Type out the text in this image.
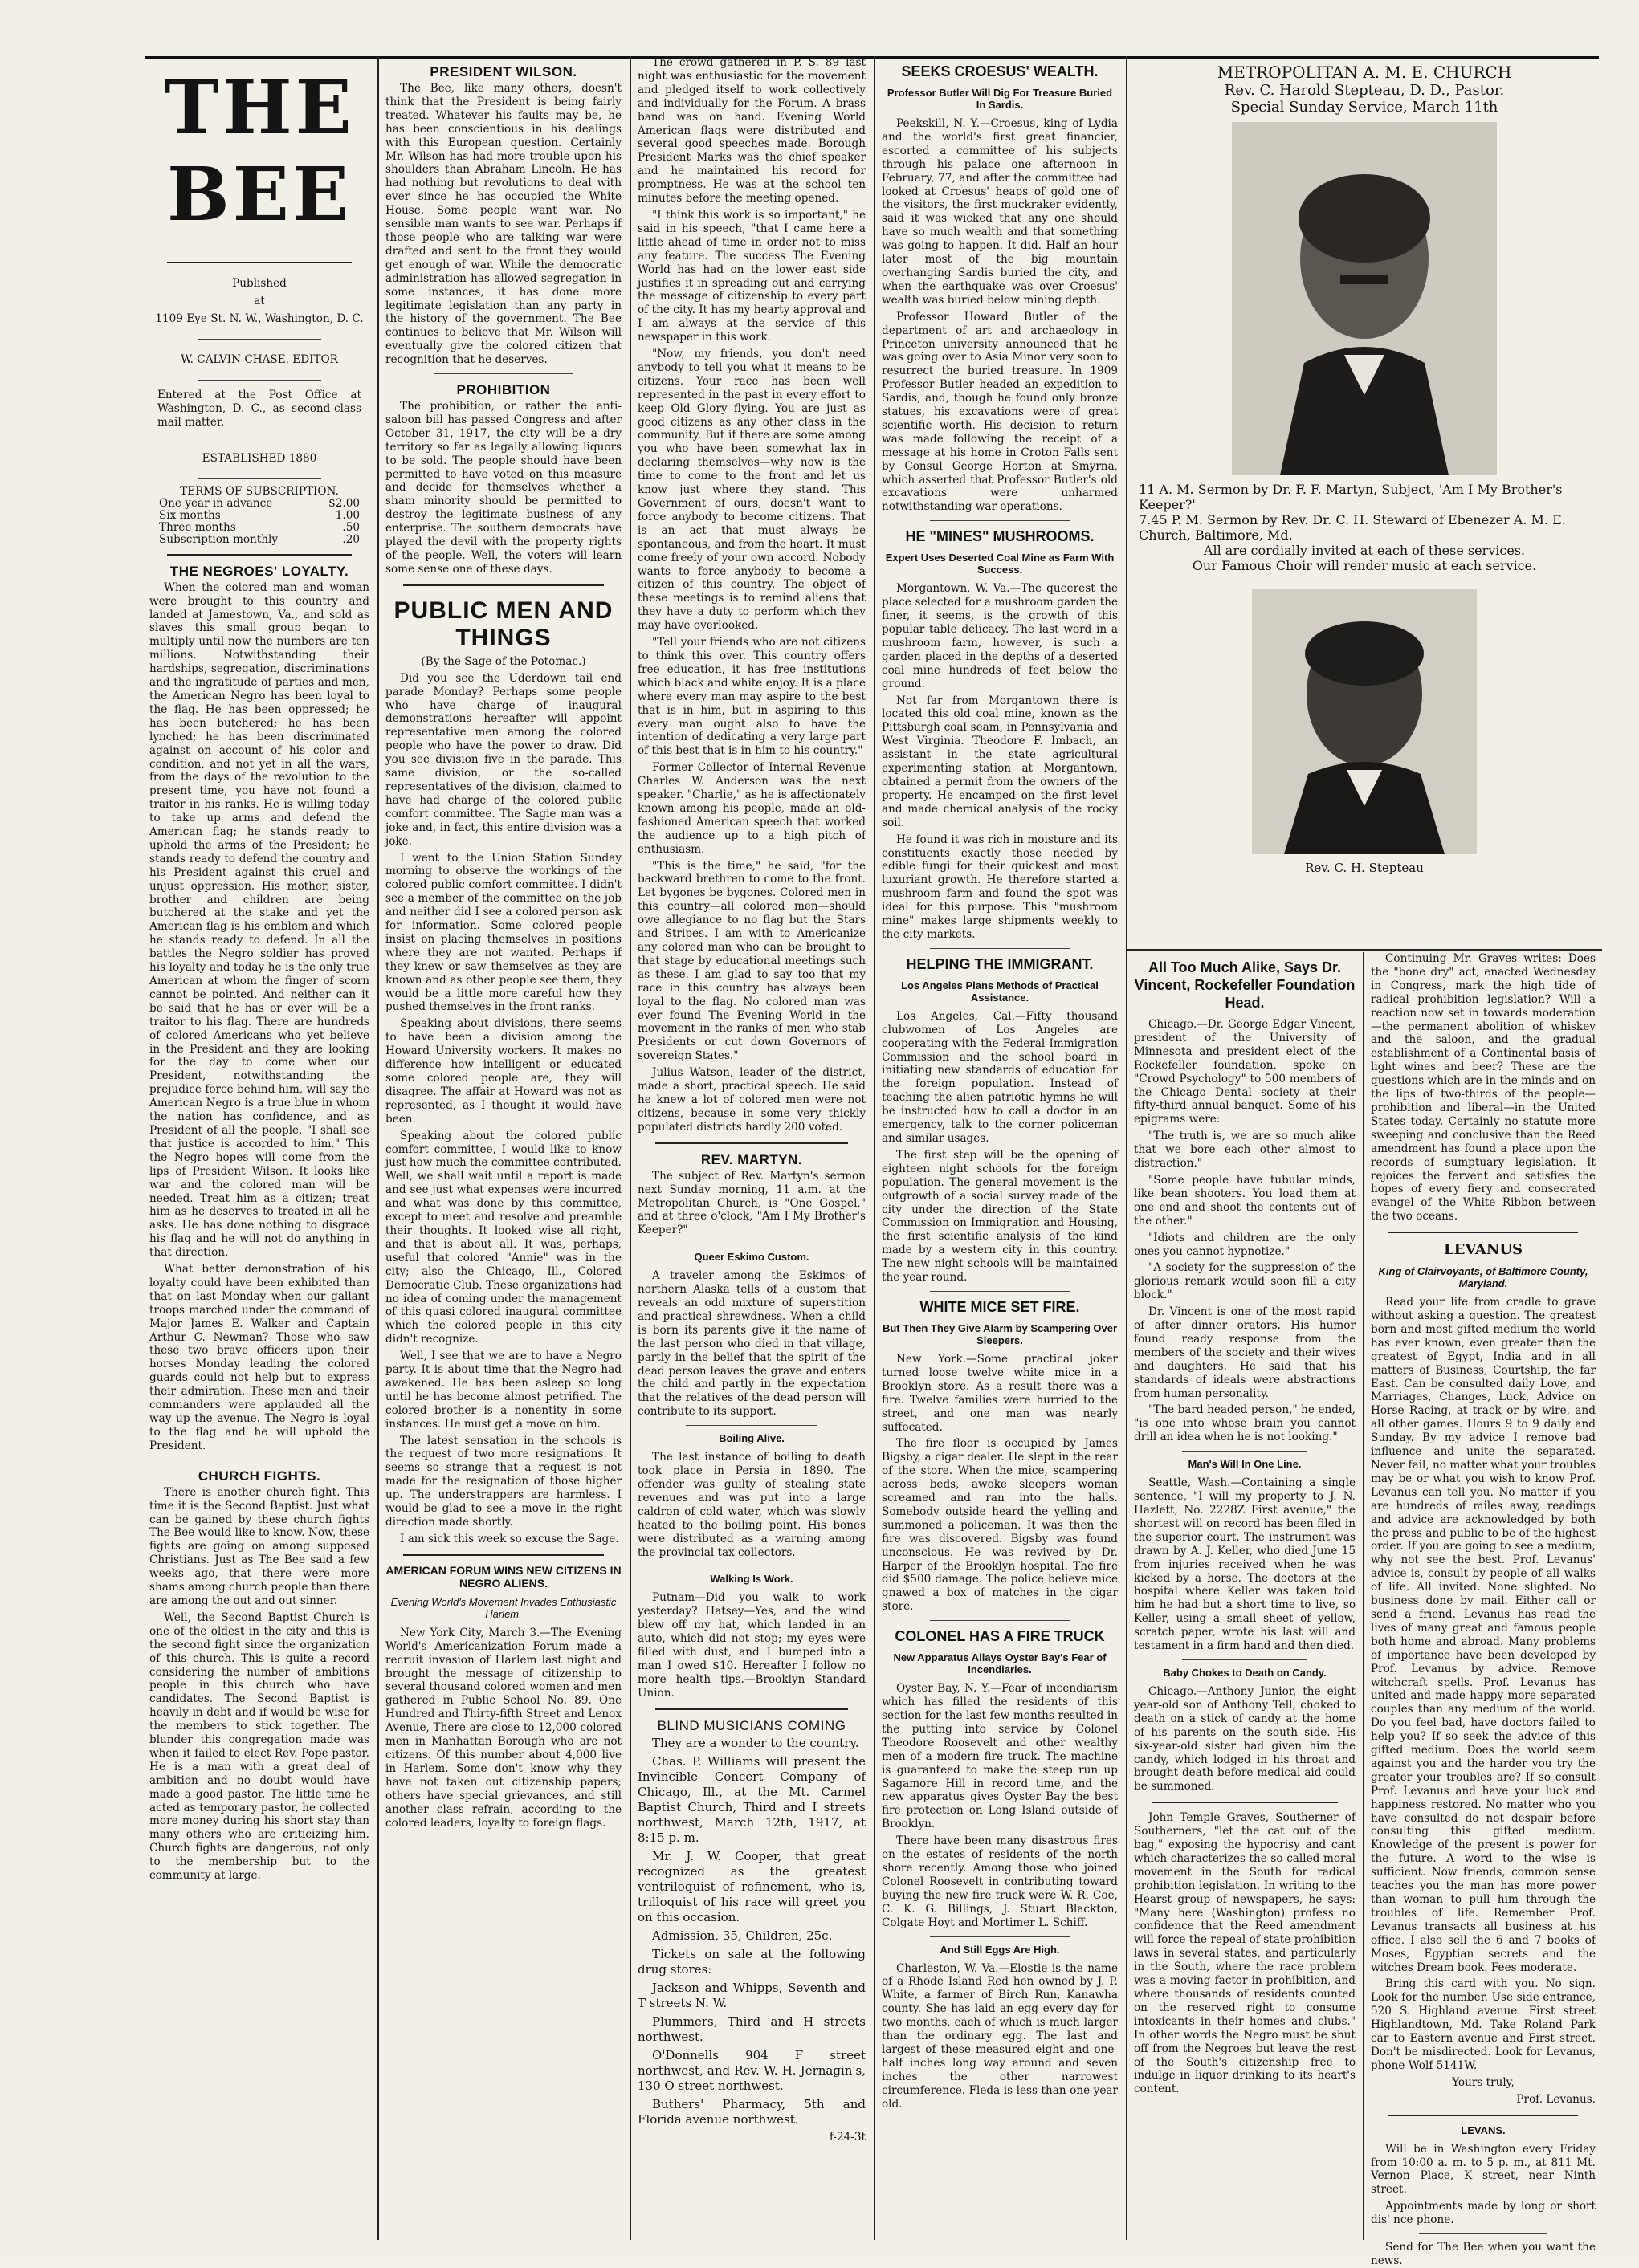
THE BEE
Published
at
1109 Eye St. N. W., Washington, D. C.
W. CALVIN CHASE, EDITOR

Entered at the Post Office at Washington, D. C., as second-class mail matter.

ESTABLISHED 1880
TERMS OF SUBSCRIPTION.
One year in advance	$2.00
Six months	1.00
Three months	.50
Subscription monthly	.20
THE NEGROES' LOYALTY.

When the colored man and woman were brought to this country and landed at Jamestown, Va., and sold as slaves this small group began to multiply until now the numbers are ten millions. Notwithstanding their hardships, segregation, discriminations and the ingratitude of parties and men, the American Negro has been loyal to the flag. He has been oppressed; he has been butchered; he has been lynched; he has been discriminated against on account of his color and condition, and not yet in all the wars, from the days of the revolution to the present time, you have not found a traitor in his ranks. He is willing today to take up arms and defend the American flag; he stands ready to uphold the arms of the President; he stands ready to defend the country and his President against this cruel and unjust oppression. His mother, sister, brother and children are being butchered at the stake and yet the American flag is his emblem and which he stands ready to defend. In all the battles the Negro soldier has proved his loyalty and today he is the only true American at whom the finger of scorn cannot be pointed. And neither can it be said that he has or ever will be a traitor to his flag. There are hundreds of colored Americans who yet believe in the President and they are looking for the day to come when our President, notwithstanding the prejudice force behind him, will say the American Negro is a true blue in whom the nation has confidence, and as President of all the people, "I shall see that justice is accorded to him." This the Negro hopes will come from the lips of President Wilson. It looks like war and the colored man will be needed. Treat him as a citizen; treat him as he deserves to treated in all he asks. He has done nothing to disgrace his flag and he will not do anything in that direction.

What better demonstration of his loyalty could have been exhibited than that on last Monday when our gallant troops marched under the command of Major James E. Walker and Captain Arthur C. Newman? Those who saw these two brave officers upon their horses Monday leading the colored guards could not help but to express their admiration. These men and their commanders were applauded all the way up the avenue. The Negro is loyal to the flag and he will uphold the President.

CHURCH FIGHTS.

There is another church fight. This time it is the Second Baptist. Just what can be gained by these church fights The Bee would like to know. Now, these fights are going on among supposed Christians. Just as The Bee said a few weeks ago, that there were more shams among church people than there are among the out and out sinner.

Well, the Second Baptist Church is one of the oldest in the city and this is the second fight since the organization of this church. This is quite a record considering the number of ambitions people in this church who have candidates. The Second Baptist is heavily in debt and if would be wise for the members to stick together. The blunder this congregation made was when it failed to elect Rev. Pope pastor. He is a man with a great deal of ambition and no doubt would have made a good pastor. The little time he acted as temporary pastor, he collected more money during his short stay than many others who are criticizing him. Church fights are dangerous, not only to the membership but to the community at large.

PRESIDENT WILSON.

The Bee, like many others, doesn't think that the President is being fairly treated. Whatever his faults may be, he has been conscientious in his dealings with this European question. Certainly Mr. Wilson has had more trouble upon his shoulders than Abraham Lincoln. He has had nothing but revolutions to deal with ever since he has occupied the White House. Some people want war. No sensible man wants to see war. Perhaps if those people who are talking war were drafted and sent to the front they would get enough of war. While the democratic administration has allowed segregation in some instances, it has done more legitimate legislation than any party in the history of the government. The Bee continues to believe that Mr. Wilson will eventually give the colored citizen that recognition that he deserves.

PROHIBITION

The prohibition, or rather the anti-saloon bill has passed Congress and after October 31, 1917, the city will be a dry territory so far as legally allowing liquors to be sold. The people should have been permitted to have voted on this measure and decide for themselves whether a sham minority should be permitted to destroy the legitimate business of any enterprise. The southern democrats have played the devil with the property rights of the people. Well, the voters will learn some sense one of these days.

PUBLIC MEN AND THINGS

(By the Sage of the Potomac.)

Did you see the Uderdown tail end parade Monday? Perhaps some people who have charge of inaugural demonstrations hereafter will appoint representative men among the colored people who have the power to draw. Did you see division five in the parade. This same division, or the so-called representatives of the division, claimed to have had charge of the colored public comfort committee. The Sagie man was a joke and, in fact, this entire division was a joke.

I went to the Union Station Sunday morning to observe the workings of the colored public comfort committee. I didn't see a member of the committee on the job and neither did I see a colored person ask for information. Some colored people insist on placing themselves in positions where they are not wanted. Perhaps if they knew or saw themselves as they are known and as other people see them, they would be a little more careful how they pushed themselves in the front ranks.

Speaking about divisions, there seems to have been a division among the Howard University workers. It makes no difference how intelligent or educated some colored people are, they will disagree. The affair at Howard was not as represented, as I thought it would have been.

Speaking about the colored public comfort committee, I would like to know just how much the committee contributed. Well, we shall wait until a report is made and see just what expenses were incurred and what was done by this committee, except to meet and resolve and preamble their thoughts. It looked wise all right, and that is about all. It was, perhaps, useful that colored "Annie" was in the city; also the Chicago, Ill., Colored Democratic Club. These organizations had no idea of coming under the management of this quasi colored inaugural committee which the colored people in this city didn't recognize.

Well, I see that we are to have a Negro party. It is about time that the Negro had awakened. He has been asleep so long until he has become almost petrified. The colored brother is a nonentity in some instances. He must get a move on him.

The latest sensation in the schools is the request of two more resignations. It seems so strange that a request is not made for the resignation of those higher up. The understrappers are harmless. I would be glad to see a move in the right direction made shortly.

I am sick this week so excuse the Sage.

AMERICAN FORUM WINS NEW CITIZENS IN NEGRO ALIENS.
Evening World's Movement Invades Enthusiastic Harlem.

New York City, March 3.—The Evening World's Americanization Forum made a recruit invasion of Harlem last night and brought the message of citizenship to several thousand colored women and men gathered in Public School No. 89. One Hundred and Thirty-fifth Street and Lenox Avenue, There are close to 12,000 colored men in Manhattan Borough who are not citizens. Of this number about 4,000 live in Harlem. Some don't know why they have not taken out citizenship papers; others have special grievances, and still another class refrain, according to the colored leaders, loyalty to foreign flags.

The crowd gathered in P. S. 89 last night was enthusiastic for the movement and pledged itself to work collectively and individually for the Forum. A brass band was on hand. Evening World American flags were distributed and several good speeches made. Borough President Marks was the chief speaker and he maintained his record for promptness. He was at the school ten minutes before the meeting opened.

"I think this work is so important," he said in his speech, "that I came here a little ahead of time in order not to miss any feature. The success The Evening World has had on the lower east side justifies it in spreading out and carrying the message of citizenship to every part of the city. It has my hearty approval and I am always at the service of this newspaper in this work.

"Now, my friends, you don't need anybody to tell you what it means to be citizens. Your race has been well represented in the past in every effort to keep Old Glory flying. You are just as good citizens as any other class in the community. But if there are some among you who have been somewhat lax in declaring themselves—why now is the time to come to the front and let us know just where they stand. This Government of ours, doesn't want to force anybody to become citizens. That is an act that must always be spontaneous, and from the heart. It must come freely of your own accord. Nobody wants to force anybody to become a citizen of this country. The object of these meetings is to remind aliens that they have a duty to perform which they may have overlooked.

"Tell your friends who are not citizens to think this over. This country offers free education, it has free institutions which black and white enjoy. It is a place where every man may aspire to the best that is in him, but in aspiring to this every man ought also to have the intention of dedicating a very large part of this best that is in him to his country."

Former Collector of Internal Revenue Charles W. Anderson was the next speaker. "Charlie," as he is affectionately known among his people, made an old-fashioned American speech that worked the audience up to a high pitch of enthusiasm.

"This is the time," he said, "for the backward brethren to come to the front. Let bygones be bygones. Colored men in this country—all colored men—should owe allegiance to no flag but the Stars and Stripes. I am with to Americanize any colored man who can be brought to that stage by educational meetings such as these. I am glad to say too that my race in this country has always been loyal to the flag. No colored man was ever found The Evening World in the movement in the ranks of men who stab Presidents or cut down Governors of sovereign States."

Julius Watson, leader of the district, made a short, practical speech. He said he knew a lot of colored men were not citizens, because in some very thickly populated districts hardly 200 voted.

REV. MARTYN.

The subject of Rev. Martyn's sermon next Sunday morning, 11 a.m. at the Metropolitan Church, is "One Gospel," and at three o'clock, "Am I My Brother's Keeper?"

Queer Eskimo Custom.

A traveler among the Eskimos of northern Alaska tells of a custom that reveals an odd mixture of superstition and practical shrewdness. When a child is born its parents give it the name of the last person who died in that village, partly in the belief that the spirit of the dead person leaves the grave and enters the child and partly in the expectation that the relatives of the dead person will contribute to its support.

Boiling Alive.

The last instance of boiling to death took place in Persia in 1890. The offender was guilty of stealing state revenues and was put into a large caldron of cold water, which was slowly heated to the boiling point. His bones were distributed as a warning among the provincial tax collectors.

Walking Is Work.

Putnam—Did you walk to work yesterday? Hatsey—Yes, and the wind blew off my hat, which landed in an auto, which did not stop; my eyes were filled with dust, and I bumped into a man I owed $10. Hereafter I follow no more health tips.—Brooklyn Standard Union.

BLIND MUSICIANS COMING

They are a wonder to the country.

Chas. P. Williams will present the Invincible Concert Company of Chicago, Ill., at the Mt. Carmel Baptist Church, Third and I streets northwest, March 12th, 1917, at 8:15 p. m.

Mr. J. W. Cooper, that great recognized as the greatest ventriloquist of refinement, who is, trilloquist of his race will greet you on this occasion.

Admission, 35, Children, 25c.

Tickets on sale at the following drug stores:

Jackson and Whipps, Seventh and T streets N. W.

Plummers, Third and H streets northwest.

O'Donnells 904 F street northwest, and Rev. W. H. Jernagin's, 130 O street northwest.

Buthers' Pharmacy, 5th and Florida avenue northwest.

f-24-3t

SEEKS CROESUS' WEALTH.
Professor Butler Will Dig For Treasure Buried In Sardis.

Peekskill, N. Y.—Croesus, king of Lydia and the world's first great financier, escorted a committee of his subjects through his palace one afternoon in February, 77, and after the committee had looked at Croesus' heaps of gold one of the visitors, the first muckraker evidently, said it was wicked that any one should have so much wealth and that something was going to happen. It did. Half an hour later most of the big mountain overhanging Sardis buried the city, and when the earthquake was over Croesus' wealth was buried below mining depth.

Professor Howard Butler of the department of art and archaeology in Princeton university announced that he was going over to Asia Minor very soon to resurrect the buried treasure. In 1909 Professor Butler headed an expedition to Sardis, and, though he found only bronze statues, his excavations were of great scientific worth. His decision to return was made following the receipt of a message at his home in Croton Falls sent by Consul George Horton at Smyrna, which asserted that Professor Butler's old excavations were unharmed notwithstanding war operations.

HE "MINES" MUSHROOMS.
Expert Uses Deserted Coal Mine as Farm With Success.

Morgantown, W. Va.—The queerest the place selected for a mushroom garden the finer, it seems, is the growth of this popular table delicacy. The last word in a mushroom farm, however, is such a garden placed in the depths of a deserted coal mine hundreds of feet below the ground.

Not far from Morgantown there is located this old coal mine, known as the Pittsburgh coal seam, in Pennsylvania and West Virginia. Theodore F. Imbach, an assistant in the state agricultural experimenting station at Morgantown, obtained a permit from the owners of the property. He encamped on the first level and made chemical analysis of the rocky soil.

He found it was rich in moisture and its constituents exactly those needed by edible fungi for their quickest and most luxuriant growth. He therefore started a mushroom farm and found the spot was ideal for this purpose. This "mushroom mine" makes large shipments weekly to the city markets.

HELPING THE IMMIGRANT.
Los Angeles Plans Methods of Practical Assistance.

Los Angeles, Cal.—Fifty thousand clubwomen of Los Angeles are cooperating with the Federal Immigration Commission and the school board in initiating new standards of education for the foreign population. Instead of teaching the alien patriotic hymns he will be instructed how to call a doctor in an emergency, talk to the corner policeman and similar usages.

The first step will be the opening of eighteen night schools for the foreign population. The general movement is the outgrowth of a social survey made of the city under the direction of the State Commission on Immigration and Housing, the first scientific analysis of the kind made by a western city in this country. The new night schools will be maintained the year round.

WHITE MICE SET FIRE.
But Then They Give Alarm by Scampering Over Sleepers.

New York.—Some practical joker turned loose twelve white mice in a Brooklyn store. As a result there was a fire. Twelve families were hurried to the street, and one man was nearly suffocated.

The fire floor is occupied by James Bigsby, a cigar dealer. He slept in the rear of the store. When the mice, scampering across beds, awoke sleepers woman screamed and ran into the halls. Somebody outside heard the yelling and summoned a policeman. It was then the fire was discovered. Bigsby was found unconscious. He was revived by Dr. Harper of the Brooklyn hospital. The fire did $500 damage. The police believe mice gnawed a box of matches in the cigar store.

COLONEL HAS A FIRE TRUCK
New Apparatus Allays Oyster Bay's Fear of Incendiaries.

Oyster Bay, N. Y.—Fear of incendiarism which has filled the residents of this section for the last few months resulted in the putting into service by Colonel Theodore Roosevelt and other wealthy men of a modern fire truck. The machine is guaranteed to make the steep run up Sagamore Hill in record time, and the new apparatus gives Oyster Bay the best fire protection on Long Island outside of Brooklyn.

There have been many disastrous fires on the estates of residents of the north shore recently. Among those who joined Colonel Roosevelt in contributing toward buying the new fire truck were W. R. Coe, C. K. G. Billings, J. Stuart Blackton, Colgate Hoyt and Mortimer L. Schiff.

And Still Eggs Are High.

Charleston, W. Va.—Elostie is the name of a Rhode Island Red hen owned by J. P. White, a farmer of Birch Run, Kanawha county. She has laid an egg every day for two months, each of which is much larger than the ordinary egg. The last and largest of these measured eight and one-half inches long way around and seven inches the other narrowest circumference. Fleda is less than one year old.

METROPOLITAN A. M. E. CHURCH
Rev. C. Harold Stepteau, D. D., Pastor.
Special Sunday Service, March 11th
11 A. M. Sermon by Dr. F. F. Martyn, Subject, 'Am I My Brother's Keeper?'
7.45 P. M. Sermon by Rev. Dr. C. H. Steward of Ebenezer A. M. E. Church, Baltimore, Md.
All are cordially invited at each of these services.
Our Famous Choir will render music at each service.
Rev. C. H. Stepteau
All Too Much Alike, Says Dr. Vincent, Rockefeller Foundation Head.

Chicago.—Dr. George Edgar Vincent, president of the University of Minnesota and president elect of the Rockefeller foundation, spoke on "Crowd Psychology" to 500 members of the Chicago Dental society at their fifty-third annual banquet. Some of his epigrams were:

"The truth is, we are so much alike that we bore each other almost to distraction."

"Some people have tubular minds, like bean shooters. You load them at one end and shoot the contents out of the other."

"Idiots and children are the only ones you cannot hypnotize."

"A society for the suppression of the glorious remark would soon fill a city block."

Dr. Vincent is one of the most rapid of after dinner orators. His humor found ready response from the members of the society and their wives and daughters. He said that his standards of ideals were abstractions from human personality.

"The bard headed person," he ended, "is one into whose brain you cannot drill an idea when he is not looking."

Man's Will In One Line.

Seattle, Wash.—Containing a single sentence, "I will my property to J. N. Hazlett, No. 2228Z First avenue," the shortest will on record has been filed in the superior court. The instrument was drawn by A. J. Keller, who died June 15 from injuries received when he was kicked by a horse. The doctors at the hospital where Keller was taken told him he had but a short time to live, so Keller, using a small sheet of yellow, scratch paper, wrote his last will and testament in a firm hand and then died.

Baby Chokes to Death on Candy.

Chicago.—Anthony Junior, the eight year-old son of Anthony Tell, choked to death on a stick of candy at the home of his parents on the south side. His six-year-old sister had given him the candy, which lodged in his throat and brought death before medical aid could be summoned.

John Temple Graves, Southerner of Southerners, "let the cat out of the bag," exposing the hypocrisy and cant which characterizes the so-called moral movement in the South for radical prohibition legislation. In writing to the Hearst group of newspapers, he says: "Many here (Washington) profess no confidence that the Reed amendment will force the repeal of state prohibition laws in several states, and particularly in the South, where the race problem was a moving factor in prohibition, and where thousands of residents counted on the reserved right to consume intoxicants in their homes and clubs." In other words the Negro must be shut off from the Negroes but leave the rest of the South's citizenship free to indulge in liquor drinking to its heart's content.

Continuing Mr. Graves writes: Does the "bone dry" act, enacted Wednesday in Congress, mark the high tide of radical prohibition legislation? Will a reaction now set in towards moderation—the permanent abolition of whiskey and the saloon, and the gradual establishment of a Continental basis of light wines and beer? These are the questions which are in the minds and on the lips of two-thirds of the people—prohibition and liberal—in the United States today. Certainly no statute more sweeping and conclusive than the Reed amendment has found a place upon the records of sumptuary legislation. It rejoices the fervent and satisfies the hopes of every fiery and consecrated evangel of the White Ribbon between the two oceans.

LEVANUS
King of Clairvoyants, of Baltimore County, Maryland.

Read your life from cradle to grave without asking a question. The greatest born and most gifted medium the world has ever known, even greater than the greatest of Egypt, India and in all matters of Business, Courtship, the far East. Can be consulted daily Love, and Marriages, Changes, Luck, Advice on Horse Racing, at track or by wire, and all other games. Hours 9 to 9 daily and Sunday. By my advice I remove bad influence and unite the separated. Never fail, no matter what your troubles may be or what you wish to know Prof. Levanus can tell you. No matter if you are hundreds of miles away, readings and advice are acknowledged by both the press and public to be of the highest order. If you are going to see a medium, why not see the best. Prof. Levanus' advice is, consult by people of all walks of life. All invited. None slighted. No business done by mail. Either call or send a friend. Levanus has read the lives of many great and famous people both home and abroad. Many problems of importance have been developed by Prof. Levanus by advice. Remove witchcraft spells. Prof. Levanus has united and made happy more separated couples than any medium of the world. Do you feel bad, have doctors failed to help you? If so seek the advice of this gifted medium. Does the world seem against you and the harder you try the greater your troubles are? If so consult Prof. Levanus and have your luck and happiness restored. No matter who you have consulted do not despair before consulting this gifted medium. Knowledge of the present is power for the future. A word to the wise is sufficient. Now friends, common sense teaches you the man has more power than woman to pull him through the troubles of life. Remember Prof. Levanus transacts all business at his office. I also sell the 6 and 7 books of Moses, Egyptian secrets and the witches Dream book. Fees moderate.

Bring this card with you. No sign. Look for the number. Use side entrance, 520 S. Highland avenue. First street Highlandtown, Md. Take Roland Park car to Eastern avenue and First street. Don't be misdirected. Look for Levanus, phone Wolf 5141W.

Yours truly,

Prof. Levanus.

LEVANS.

Will be in Washington every Friday from 10:00 a. m. to 5 p. m., at 811 Mt. Vernon Place, K street, near Ninth street.

Appointments made by long or short dis' nce phone.

Send for The Bee when you want the news.
